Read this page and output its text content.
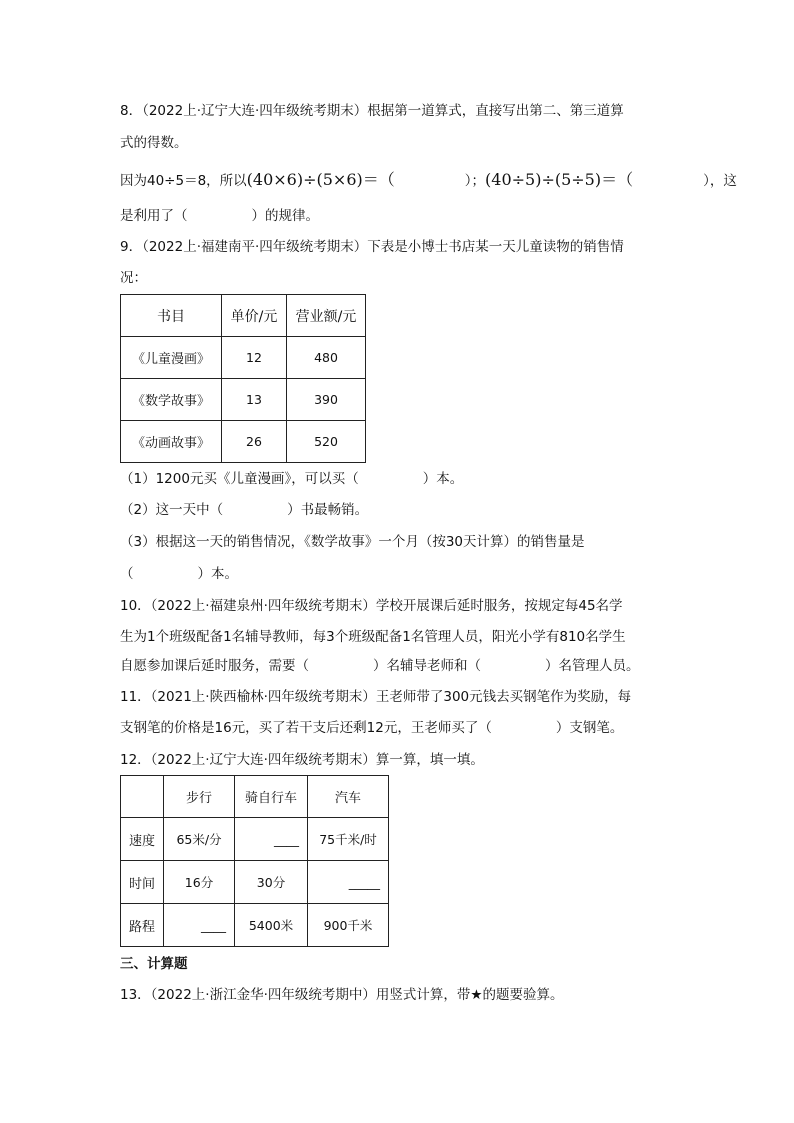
8．（2022上·辽宁大连·四年级统考期末）根据第一道算式，直接写出第二、第三道算
式的得数。
因为40÷5＝8，所以(40×6)÷(5×6)＝（	）；(40÷5)÷(5÷5)＝（	），这
是利用了（	）的规律。
9．（2022上·福建南平·四年级统考期末）下表是小博士书店某一天儿童读物的销售情
况：
书目	单价/元	营业额/元
《儿童漫画》	12	480
《数学故事》	13	390
《动画故事》	26	520
（1）1200元买《儿童漫画》，可以买（	）本。
（2）这一天中（	）书最畅销。
（3）根据这一天的销售情况，《数学故事》一个月（按30天计算）的销售量是
（	）本。
10．（2022上·福建泉州·四年级统考期末）学校开展课后延时服务，按规定每45名学
生为1个班级配备1名辅导教师，每3个班级配备1名管理人员，阳光小学有810名学生
自愿参加课后延时服务，需要（	）名辅导老师和（	）名管理人员。
11．（2021上·陕西榆林·四年级统考期末）王老师带了300元钱去买钢笔作为奖励，每
支钢笔的价格是16元，买了若干支后还剩12元，王老师买了（	）支钢笔。
12．（2022上·辽宁大连·四年级统考期末）算一算，填一填。
	步行	骑自行车	汽车
速度	65米/分	____	75千米/时
时间	16分	30分	_____
路程	____	5400米	900千米
三、计算题
13．（2022上·浙江金华·四年级统考期中）用竖式计算，带★的题要验算。
